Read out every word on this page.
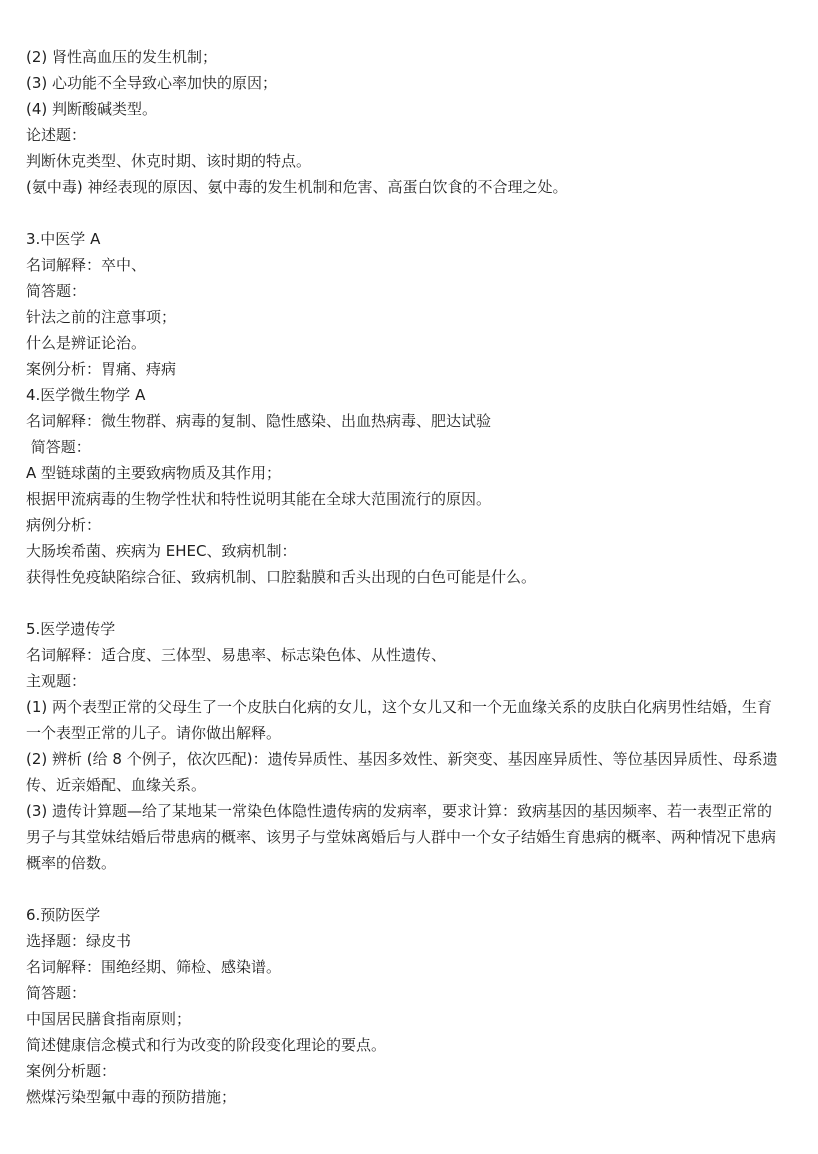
(2) 肾性高血压的发生机制；

(3) 心功能不全导致心率加快的原因；

(4) 判断酸碱类型。

论述题：

判断休克类型、休克时期、该时期的特点。

(氨中毒) 神经表现的原因、氨中毒的发生机制和危害、高蛋白饮食的不合理之处。

3.中医学 A

名词解释：卒中、

简答题：

针法之前的注意事项；

什么是辨证论治。

案例分析：胃痛、痔病

4.医学微生物学 A

名词解释：微生物群、病毒的复制、隐性感染、出血热病毒、肥达试验

简答题：

A 型链球菌的主要致病物质及其作用；

根据甲流病毒的生物学性状和特性说明其能在全球大范围流行的原因。

病例分析：

大肠埃希菌、疾病为 EHEC、致病机制：

获得性免疫缺陷综合征、致病机制、口腔黏膜和舌头出现的白色可能是什么。

5.医学遗传学

名词解释：适合度、三体型、易患率、标志染色体、从性遗传、

主观题：

(1) 两个表型正常的父母生了一个皮肤白化病的女儿，这个女儿又和一个无血缘关系的皮肤白化病男性结婚，生育一个表型正常的儿子。请你做出解释。

(2) 辨析 (给 8 个例子，依次匹配)：遗传异质性、基因多效性、新突变、基因座异质性、等位基因异质性、母系遗传、近亲婚配、血缘关系。

(3) 遗传计算题—给了某地某一常染色体隐性遗传病的发病率，要求计算：致病基因的基因频率、若一表型正常的男子与其堂妹结婚后带患病的概率、该男子与堂妹离婚后与人群中一个女子结婚生育患病的概率、两种情况下患病概率的倍数。

6.预防医学

选择题：绿皮书

名词解释：围绝经期、筛检、感染谱。

简答题：

中国居民膳食指南原则；

简述健康信念模式和行为改变的阶段变化理论的要点。

案例分析题：

燃煤污染型氟中毒的预防措施；
